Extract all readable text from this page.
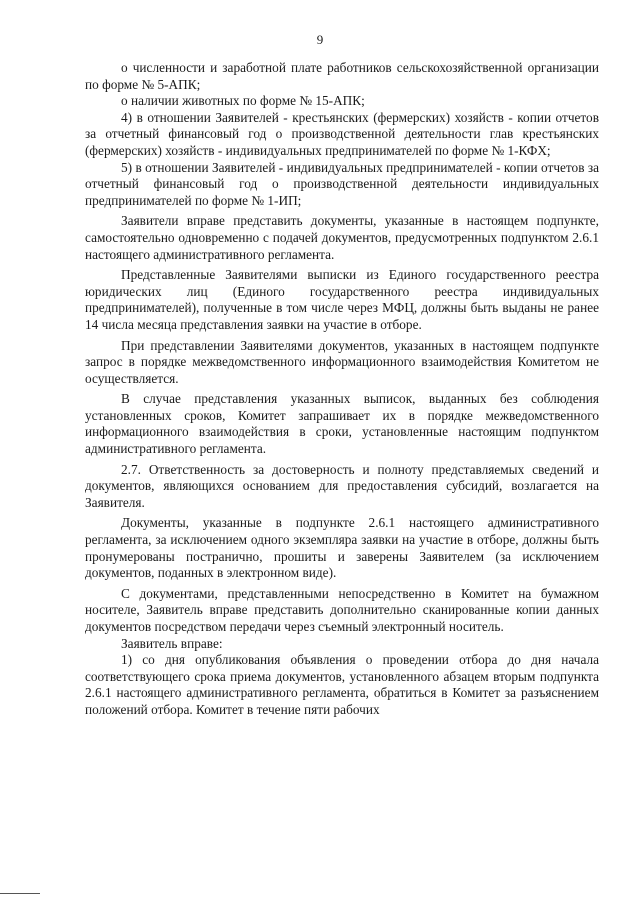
9

о численности и заработной плате работников сельскохозяйственной организации по форме № 5-АПК;

о наличии животных по форме № 15-АПК;

4) в отношении Заявителей - крестьянских (фермерских) хозяйств - копии отчетов за отчетный финансовый год о производственной деятельности глав крестьянских (фермерских) хозяйств - индивидуальных предпринимателей по форме № 1-КФХ;

5) в отношении Заявителей - индивидуальных предпринимателей - копии отчетов за отчетный финансовый год о производственной деятельности индивидуальных предпринимателей по форме № 1-ИП;

Заявители вправе представить документы, указанные в настоящем подпункте, самостоятельно одновременно с подачей документов, предусмотренных подпунктом 2.6.1 настоящего административного регламента.

Представленные Заявителями выписки из Единого государственного реестра юридических лиц (Единого государственного реестра индивидуальных предпринимателей), полученные в том числе через МФЦ, должны быть выданы не ранее 14 числа месяца представления заявки на участие в отборе.

При представлении Заявителями документов, указанных в настоящем подпункте запрос в порядке межведомственного информационного взаимодействия Комитетом не осуществляется.

В случае представления указанных выписок, выданных без соблюдения установленных сроков, Комитет запрашивает их в порядке межведомственного информационного взаимодействия в сроки, установленные настоящим подпунктом административного регламента.

2.7. Ответственность за достоверность и полноту представляемых сведений и документов, являющихся основанием для предоставления субсидий, возлагается на Заявителя.

Документы, указанные в подпункте 2.6.1 настоящего административного регламента, за исключением одного экземпляра заявки на участие в отборе, должны быть пронумерованы постранично, прошиты и заверены Заявителем (за исключением документов, поданных в электронном виде).

С документами, представленными непосредственно в Комитет на бумажном носителе, Заявитель вправе представить дополнительно сканированные копии данных документов посредством передачи через съемный электронный носитель.

Заявитель вправе:

1) со дня опубликования объявления о проведении отбора до дня начала соответствующего срока приема документов, установленного абзацем вторым подпункта 2.6.1 настоящего административного регламента, обратиться в Комитет за разъяснением положений отбора. Комитет в течение пяти рабочих
